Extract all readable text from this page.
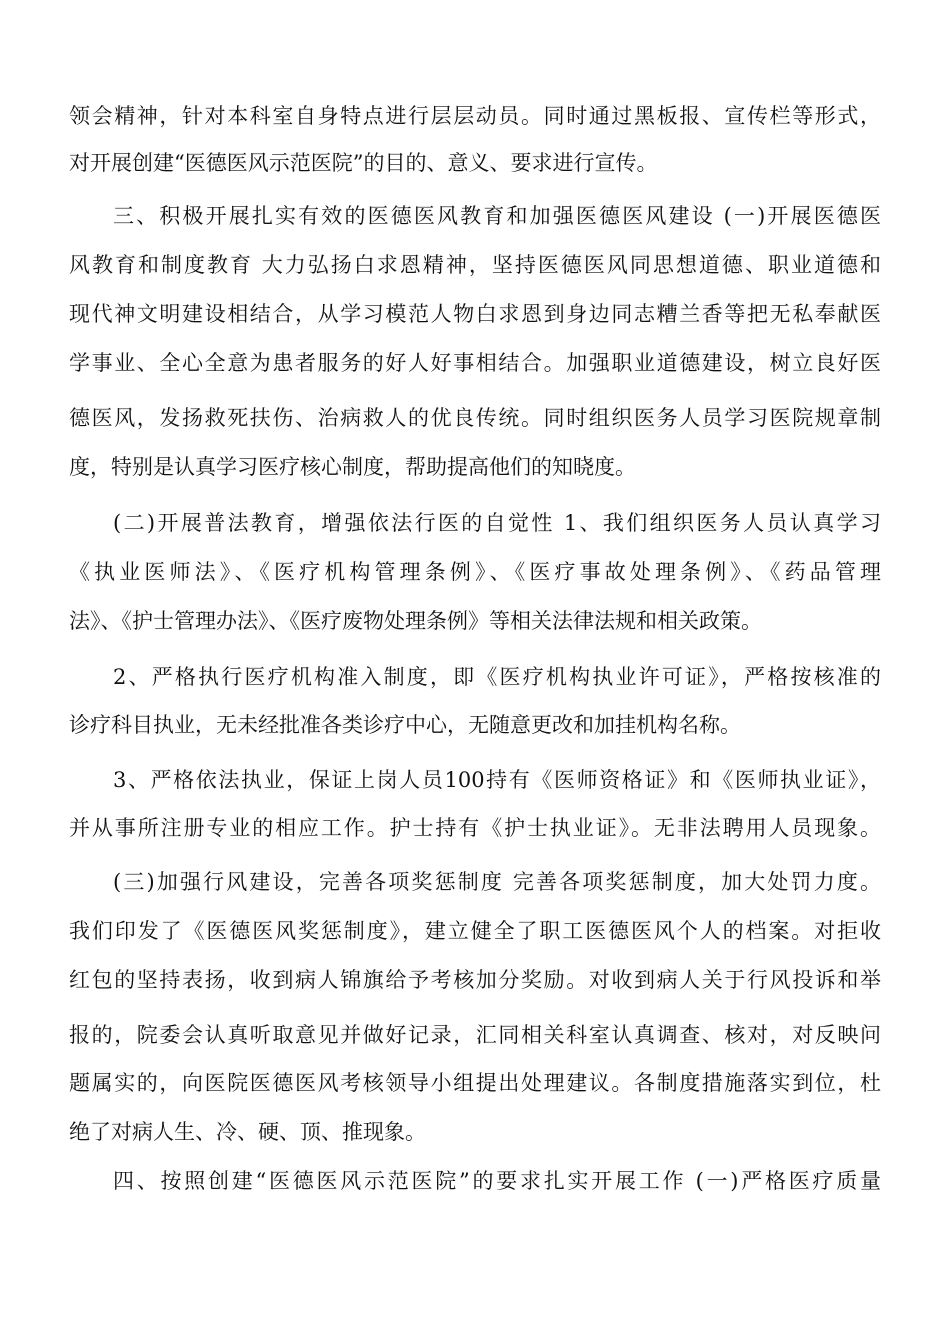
领会精神，针对本科室自身特点进行层层动员。同时通过黑板报、宣传栏等形式，
对开展创建“医德医风示范医院”的目的、意义、要求进行宣传。
三、积极开展扎实有效的医德医风教育和加强医德医风建设 (一)开展医德医
风教育和制度教育 大力弘扬白求恩精神，坚持医德医风同思想道德、职业道德和
现代神文明建设相结合，从学习模范人物白求恩到身边同志糟兰香等把无私奉献医
学事业、全心全意为患者服务的好人好事相结合。加强职业道德建设，树立良好医
德医风，发扬救死扶伤、治病救人的优良传统。同时组织医务人员学习医院规章制
度，特别是认真学习医疗核心制度，帮助提高他们的知晓度。
(二)开展普法教育，增强依法行医的自觉性 1、我们组织医务人员认真学习
《执业医师法》、《医疗机构管理条例》、《医疗事故处理条例》、《药品管理
法》、《护士管理办法》、《医疗废物处理条例》等相关法律法规和相关政策。
2、严格执行医疗机构准入制度，即《医疗机构执业许可证》，严格按核准的
诊疗科目执业，无未经批准各类诊疗中心，无随意更改和加挂机构名称。
3、严格依法执业，保证上岗人员100持有《医师资格证》和《医师执业证》，
并从事所注册专业的相应工作。护士持有《护士执业证》。无非法聘用人员现象。
(三)加强行风建设，完善各项奖惩制度 完善各项奖惩制度，加大处罚力度。
我们印发了《医德医风奖惩制度》，建立健全了职工医德医风个人的档案。对拒收
红包的坚持表扬，收到病人锦旗给予考核加分奖励。对收到病人关于行风投诉和举
报的，院委会认真听取意见并做好记录，汇同相关科室认真调查、核对，对反映问
题属实的，向医院医德医风考核领导小组提出处理建议。各制度措施落实到位，杜
绝了对病人生、冷、硬、顶、推现象。
四、按照创建“医德医风示范医院”的要求扎实开展工作 (一)严格医疗质量
